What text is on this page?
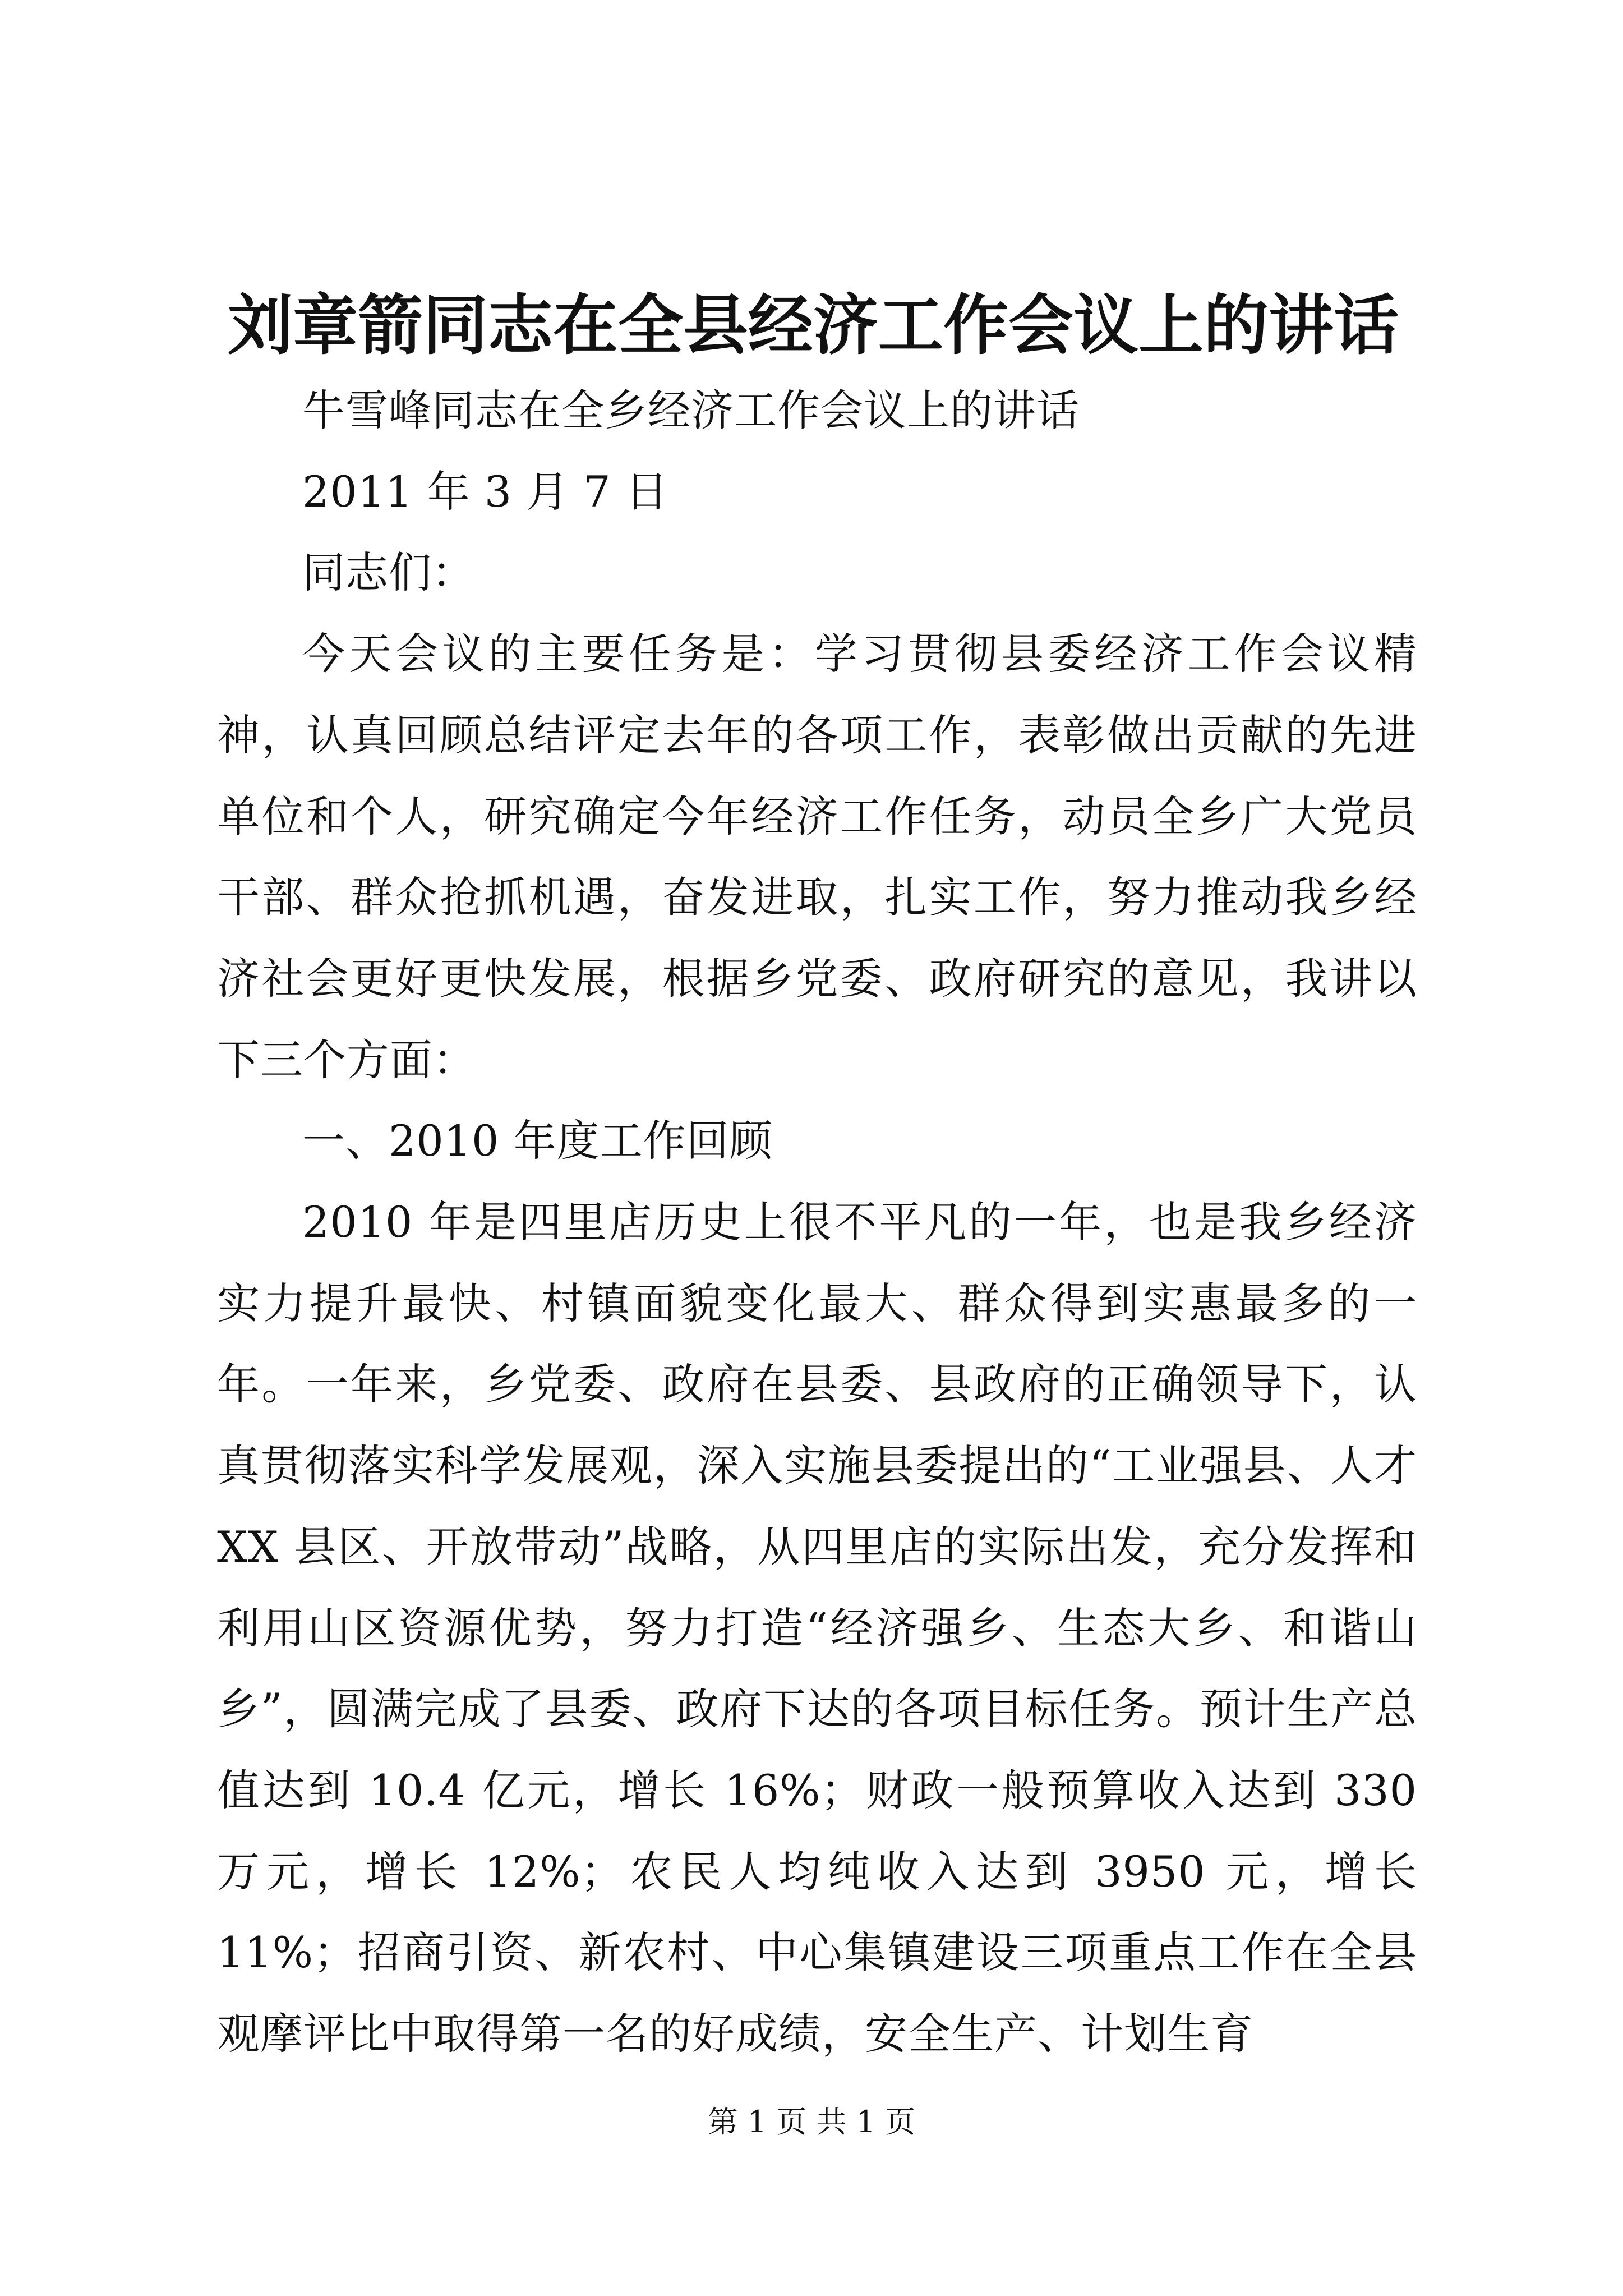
刘章箭同志在全县经济工作会议上的讲话

牛雪峰同志在全乡经济工作会议上的讲话

2011 年 3 月 7 日

同志们：

今天会议的主要任务是：学习贯彻县委经济工作会议精神，认真回顾总结评定去年的各项工作，表彰做出贡献的先进单位和个人，研究确定今年经济工作任务，动员全乡广大党员干部、群众抢抓机遇，奋发进取，扎实工作，努力推动我乡经济社会更好更快发展，根据乡党委、政府研究的意见，我讲以下三个方面：

一、2010 年度工作回顾

2010 年是四里店历史上很不平凡的一年，也是我乡经济实力提升最快、村镇面貌变化最大、群众得到实惠最多的一年。一年来，乡党委、政府在县委、县政府的正确领导下，认真贯彻落实科学发展观，深入实施县委提出的“工业强县、人才 XX 县区、开放带动”战略，从四里店的实际出发，充分发挥和利用山区资源优势，努力打造“经济强乡、生态大乡、和谐山乡”，圆满完成了县委、政府下达的各项目标任务。预计生产总值达到 10.4 亿元，增长 16%；财政一般预算收入达到 330 万元，增长 12%；农民人均纯收入达到 3950 元，增长 11%；招商引资、新农村、中心集镇建设三项重点工作在全县观摩评比中取得第一名的好成绩，安全生产、计划生育

第 1 页 共 1 页
